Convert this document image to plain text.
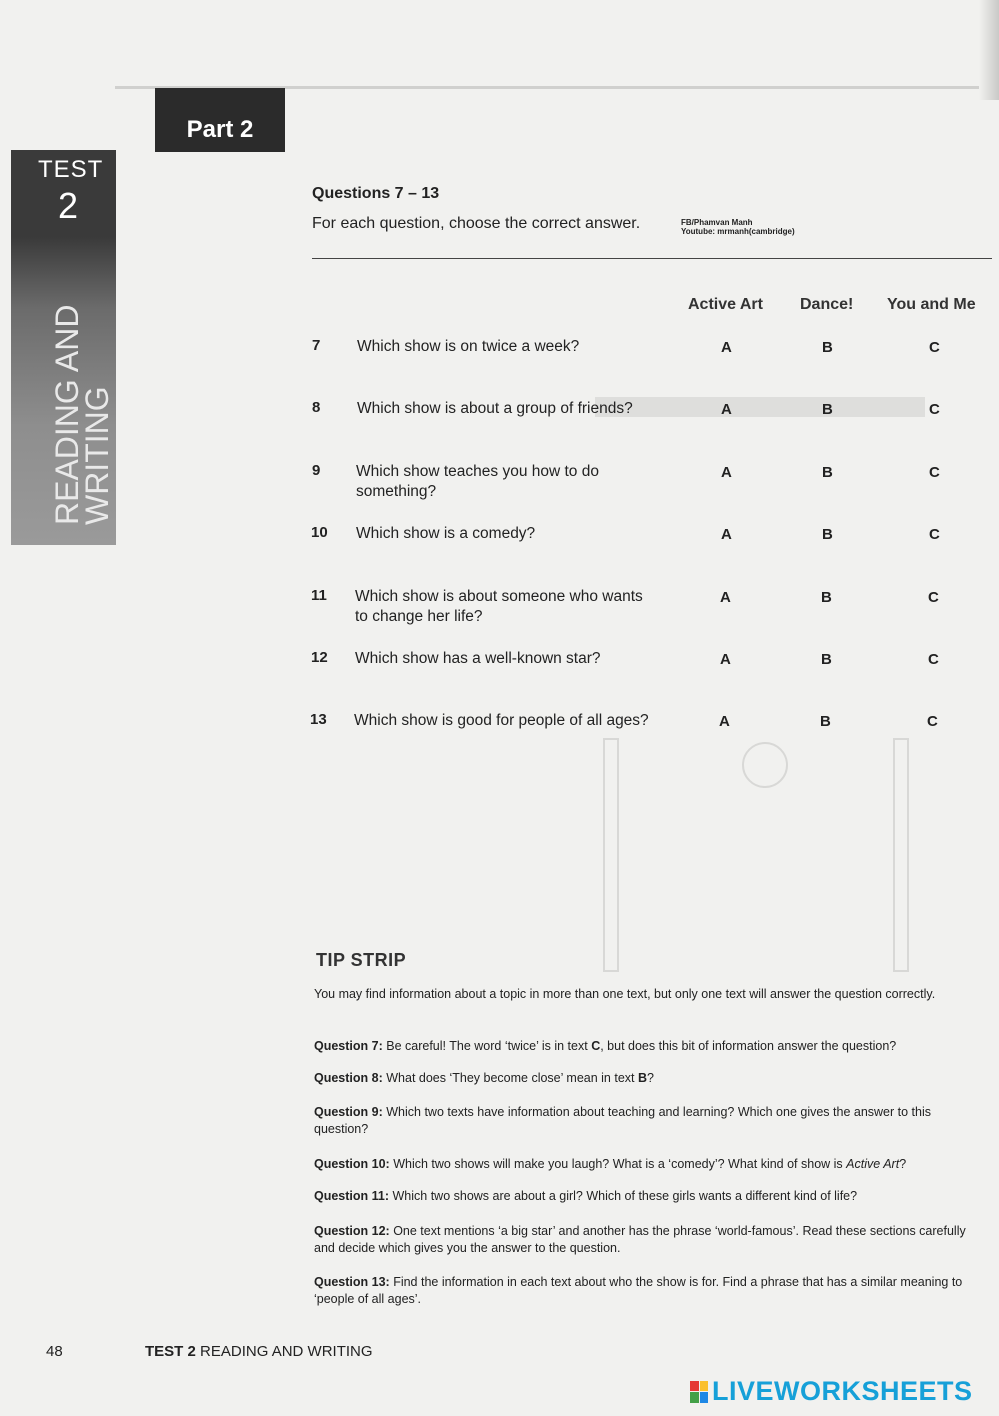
Part 2
TEST
2
READING AND WRITING
Questions 7 – 13
For each question, choose the correct answer.	FB/Phamvan Manh
Youtube: mrmanh(cambridge)
Active Art Dance! You and Me
7 Which show is on twice a week?	A	B	C
8 Which show is about a group of friends?	A	B	C
9 Which show teaches you how to do something?
A	B	C
10 Which show is a comedy?	A	B	C
11 Which show is about someone who wants to change her life?
A	B	C
12 Which show has a well-known star?	A	B	C
13 Which show is good for people of all ages?	A	B	C
TIP STRIP
You may find information about a topic in more than one text, but only one text will answer the question correctly.
Question 7: Be careful! The word ‘twice’ is in text C, but does this bit of information answer the question?
Question 8: What does ‘They become close’ mean in text B?
Question 9: Which two texts have information about teaching and learning? Which one gives the answer to this question?
Question 10: Which two shows will make you laugh? What is a ‘comedy’? What kind of show is Active Art?
Question 11: Which two shows are about a girl? Which of these girls wants a different kind of life?
Question 12: One text mentions ‘a big star’ and another has the phrase ‘world-famous’. Read these sections carefully and decide which gives you the answer to the question.
Question 13: Find the information in each text about who the show is for. Find a phrase that has a similar meaning to ‘people of all ages’.
48	TEST 2 READING AND WRITING
LIVEWORKSHEETS
